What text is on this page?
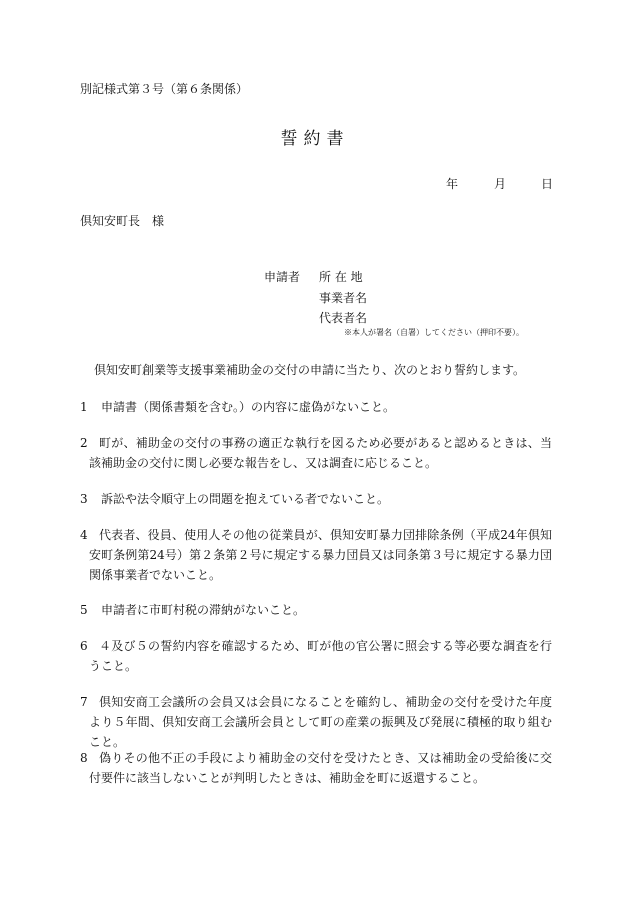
別記様式第３号（第６条関係）
誓約書
年	月	日
倶知安町長　様
申請者 所 在 地
事業者名
代表者名
※本人が署名（自署）してください（押印不要）。
倶知安町創業等支援事業補助金の交付の申請に当たり、次のとおり誓約します。
1	申請書（関係書類を含む。）の内容に虚偽がないこと。
2 町が、補助金の交付の事務の適正な執行を図るため必要があると認めるときは、当該補助金の交付に関し必要な報告をし、又は調査に応じること。
3	訴訟や法令順守上の問題を抱えている者でないこと。
4 代表者、役員、使用人その他の従業員が、倶知安町暴力団排除条例（平成24年倶知安町条例第24号）第２条第２号に規定する暴力団員又は同条第３号に規定する暴力団関係事業者でないこと。
5	申請者に市町村税の滞納がないこと。
6 ４及び５の誓約内容を確認するため、町が他の官公署に照会する等必要な調査を行うこと。
7 倶知安商工会議所の会員又は会員になることを確約し、補助金の交付を受けた年度より５年間、倶知安商工会議所会員として町の産業の振興及び発展に積極的取り組むこと。
8 偽りその他不正の手段により補助金の交付を受けたとき、又は補助金の受給後に交付要件に該当しないことが判明したときは、補助金を町に返還すること。
